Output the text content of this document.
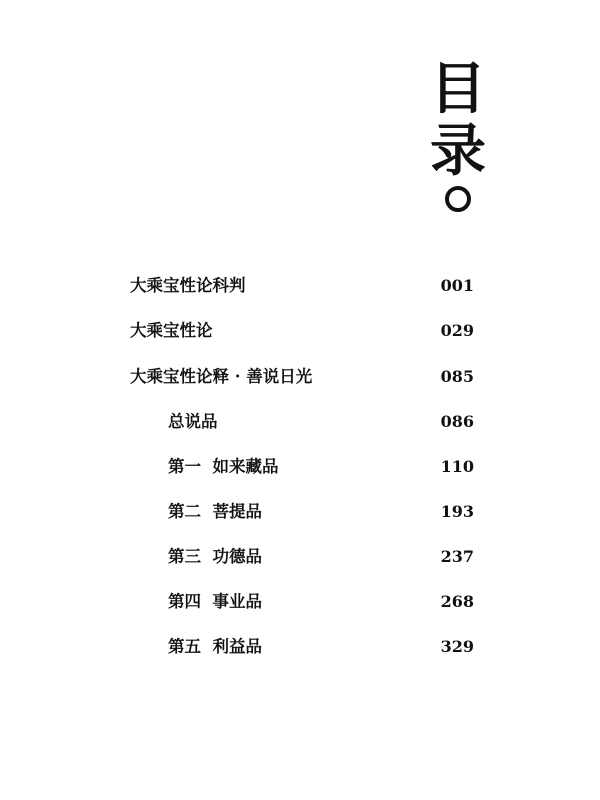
目
录
大乘宝性论科判	001
大乘宝性论	029
大乘宝性论释 · 善说日光	085
总说品	086
第一  如来藏品	110
第二  菩提品	193
第三  功德品	237
第四  事业品	268
第五  利益品	329
